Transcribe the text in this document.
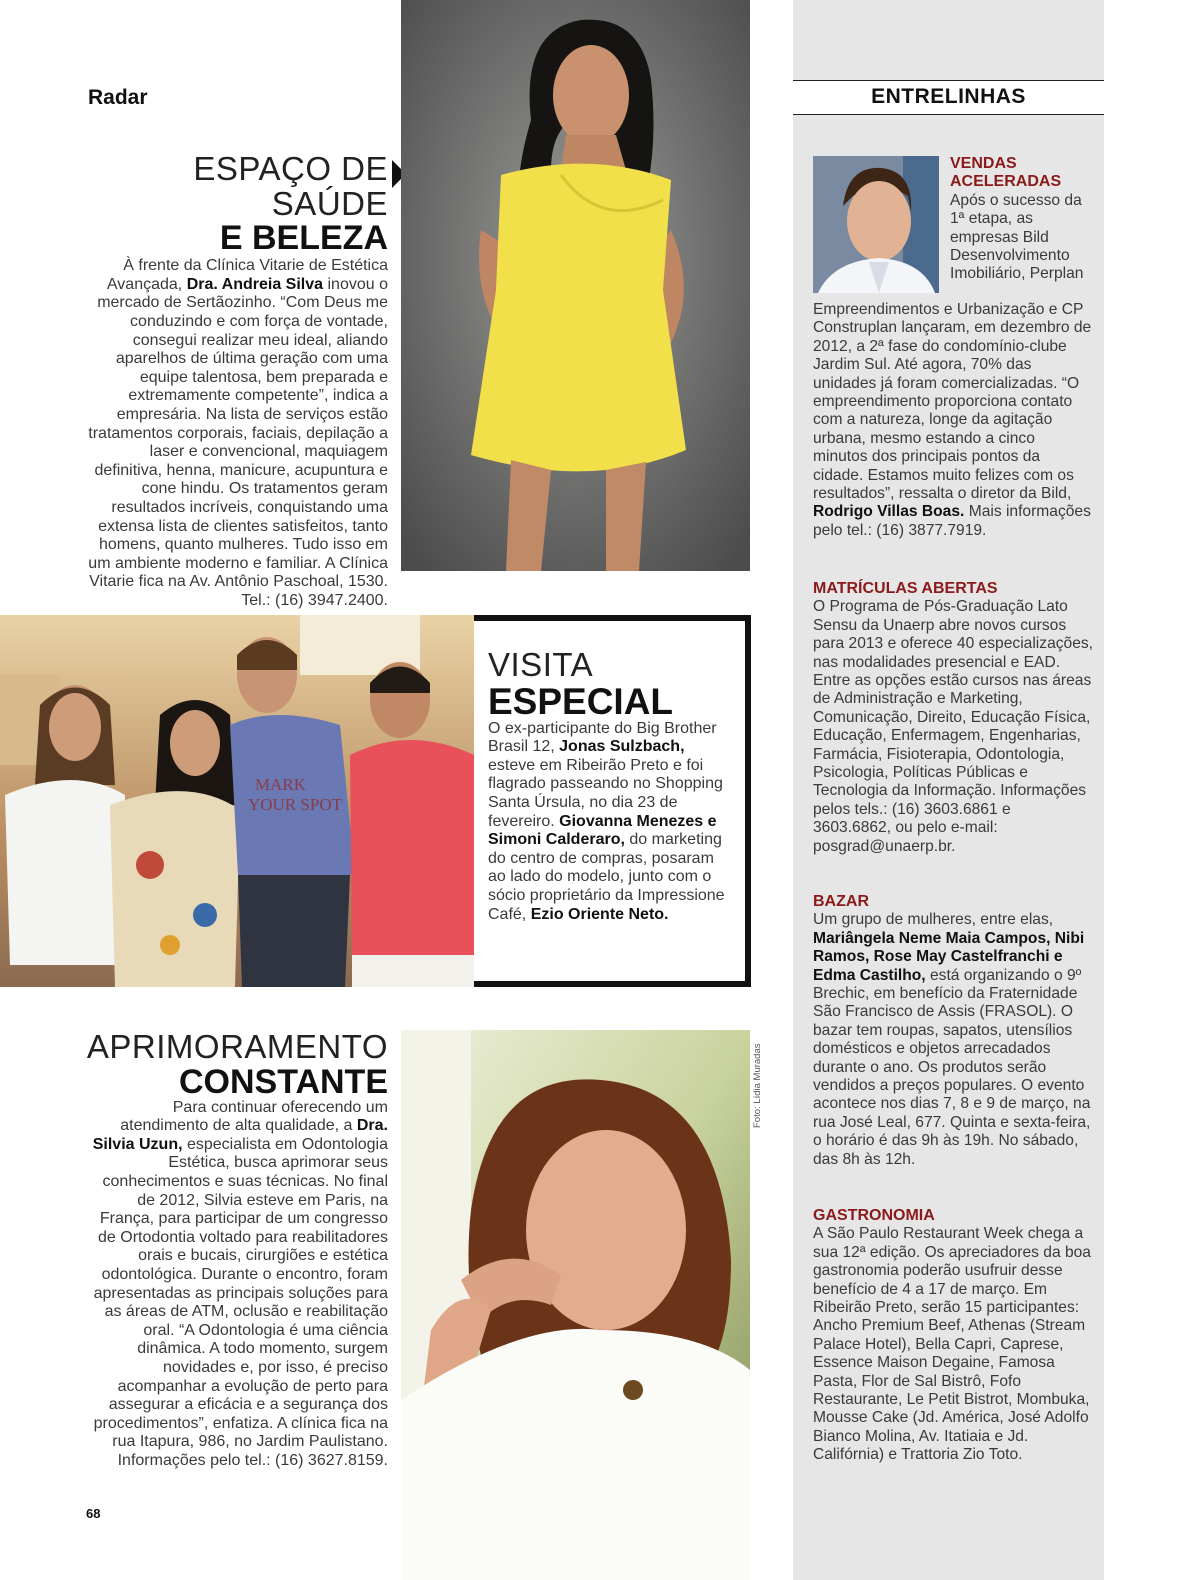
Radar
ESPAÇO DE SAÚDE
E BELEZA

À frente da Clínica Vitarie de Estética Avançada, Dra. Andreia Silva inovou o mercado de Sertãozinho. “Com Deus me conduzindo e com força de vontade, consegui realizar meu ideal, aliando aparelhos de última geração com uma equipe talentosa, bem preparada e extremamente competente”, indica a empresária. Na lista de serviços estão tratamentos corporais, faciais, depilação a laser e convencional, maquiagem definitiva, henna, manicure, acupuntura e cone hindu. Os tratamentos geram resultados incríveis, conquistando uma extensa lista de clientes satisfeitos, tanto homens, quanto mulheres. Tudo isso em um ambiente moderno e familiar. A Clínica Vitarie fica na Av. Antônio Paschoal, 1530. Tel.: (16) 3947.2400.

MARK
YOUR SPOT
VISITA
ESPECIAL

O ex-participante do Big Brother Brasil 12, Jonas Sulzbach, esteve em Ribeirão Preto e foi flagrado passeando no Shopping Santa Úrsula, no dia 23 de fevereiro. Giovanna Menezes e Simoni Calderaro, do marketing do centro de compras, posaram ao lado do modelo, junto com o sócio proprietário da Impressione Café, Ezio Oriente Neto.

APRIMORAMENTO
CONSTANTE

Para continuar oferecendo um atendimento de alta qualidade, a Dra. Silvia Uzun, especialista em Odontologia Estética, busca aprimorar seus conhecimentos e suas técnicas. No final de 2012, Silvia esteve em Paris, na França, para participar de um congresso de Ortodontia voltado para reabilitadores orais e bucais, cirurgiões e estética odontológica. Durante o encontro, foram apresentadas as principais soluções para as áreas de ATM, oclusão e reabilitação oral. “A Odontologia é uma ciência dinâmica. A todo momento, surgem novidades e, por isso, é preciso acompanhar a evolução de perto para assegurar a eficácia e a segurança dos procedimentos”, enfatiza. A clínica fica na rua Itapura, 986, no Jardim Paulistano. Informações pelo tel.: (16) 3627.8159.

Foto: Lídia Muradas
68
ENTRELINHAS
VENDAS ACELERADAS

Após o sucesso da 1ª etapa, as empresas Bild Desenvolvimento Imobiliário, Perplan

Empreendimentos e Urbanização e CP Construplan lançaram, em dezembro de 2012, a 2ª fase do condomínio-clube Jardim Sul. Até agora, 70% das unidades já foram comercializadas. “O empreendimento proporciona contato com a natureza, longe da agitação urbana, mesmo estando a cinco minutos dos principais pontos da cidade. Estamos muito felizes com os resultados”, ressalta o diretor da Bild, Rodrigo Villas Boas. Mais informações pelo tel.: (16) 3877.7919.

MATRÍCULAS ABERTAS

O Programa de Pós-Graduação Lato Sensu da Unaerp abre novos cursos para 2013 e oferece 40 especializações, nas modalidades presencial e EAD. Entre as opções estão cursos nas áreas de Administração e Marketing, Comunicação, Direito, Educação Física, Educação, Enfermagem, Engenharias, Farmácia, Fisioterapia, Odontologia, Psicologia, Políticas Públicas e Tecnologia da Informação. Informações pelos tels.: (16) 3603.6861 e 3603.6862, ou pelo e-mail: posgrad@unaerp.br.

BAZAR

Um grupo de mulheres, entre elas, Mariângela Neme Maia Campos, Nibi Ramos, Rose May Castelfranchi e Edma Castilho, está organizando o 9º Brechic, em benefício da Fraternidade São Francisco de Assis (FRASOL). O bazar tem roupas, sapatos, utensílios domésticos e objetos arrecadados durante o ano. Os produtos serão vendidos a preços populares. O evento acontece nos dias 7, 8 e 9 de março, na rua José Leal, 677. Quinta e sexta-feira, o horário é das 9h às 19h. No sábado, das 8h às 12h.

GASTRONOMIA

A São Paulo Restaurant Week chega a sua 12ª edição. Os apreciadores da boa gastronomia poderão usufruir desse benefício de 4 a 17 de março. Em Ribeirão Preto, serão 15 participantes: Ancho Premium Beef, Athenas (Stream Palace Hotel), Bella Capri, Caprese, Essence Maison Degaine, Famosa Pasta, Flor de Sal Bistrô, Fofo Restaurante, Le Petit Bistrot, Mombuka, Mousse Cake (Jd. América, José Adolfo Bianco Molina, Av. Itatiaia e Jd. Califórnia) e Trattoria Zio Toto.
